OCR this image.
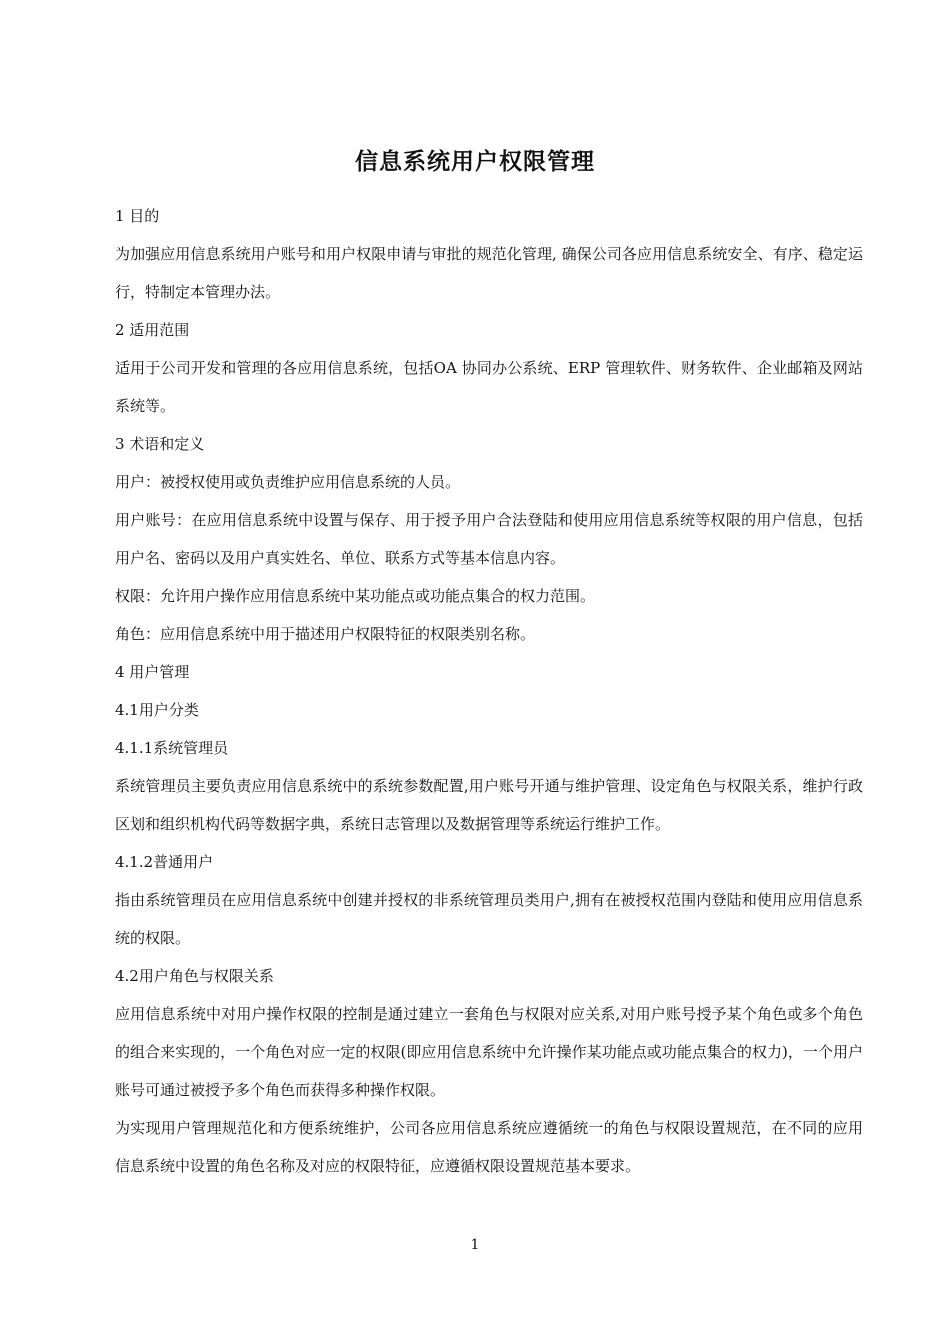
信息系统用户权限管理
1 目的
为加强应用信息系统用户账号和用户权限申请与审批的规范化管理, 确保公司各应用信息系统安全、有序、稳定运行，特制定本管理办法。
2 适用范围
适用于公司开发和管理的各应用信息系统，包括OA 协同办公系统、ERP 管理软件、财务软件、企业邮箱及网站系统等。
3 术语和定义
用户：被授权使用或负责维护应用信息系统的人员。
用户账号：在应用信息系统中设置与保存、用于授予用户合法登陆和使用应用信息系统等权限的用户信息，包括用户名、密码以及用户真实姓名、单位、联系方式等基本信息内容。
权限：允许用户操作应用信息系统中某功能点或功能点集合的权力范围。
角色：应用信息系统中用于描述用户权限特征的权限类别名称。
4 用户管理
4.1用户分类
4.1.1系统管理员
系统管理员主要负责应用信息系统中的系统参数配置,用户账号开通与维护管理、设定角色与权限关系，维护行政区划和组织机构代码等数据字典，系统日志管理以及数据管理等系统运行维护工作。
4.1.2普通用户
指由系统管理员在应用信息系统中创建并授权的非系统管理员类用户,拥有在被授权范围内登陆和使用应用信息系统的权限。
4.2用户角色与权限关系
应用信息系统中对用户操作权限的控制是通过建立一套角色与权限对应关系,对用户账号授予某个角色或多个角色的组合来实现的，一个角色对应一定的权限(即应用信息系统中允许操作某功能点或功能点集合的权力)，一个用户账号可通过被授予多个角色而获得多种操作权限。
为实现用户管理规范化和方便系统维护，公司各应用信息系统应遵循统一的角色与权限设置规范，在不同的应用信息系统中设置的角色名称及对应的权限特征，应遵循权限设置规范基本要求。
1
